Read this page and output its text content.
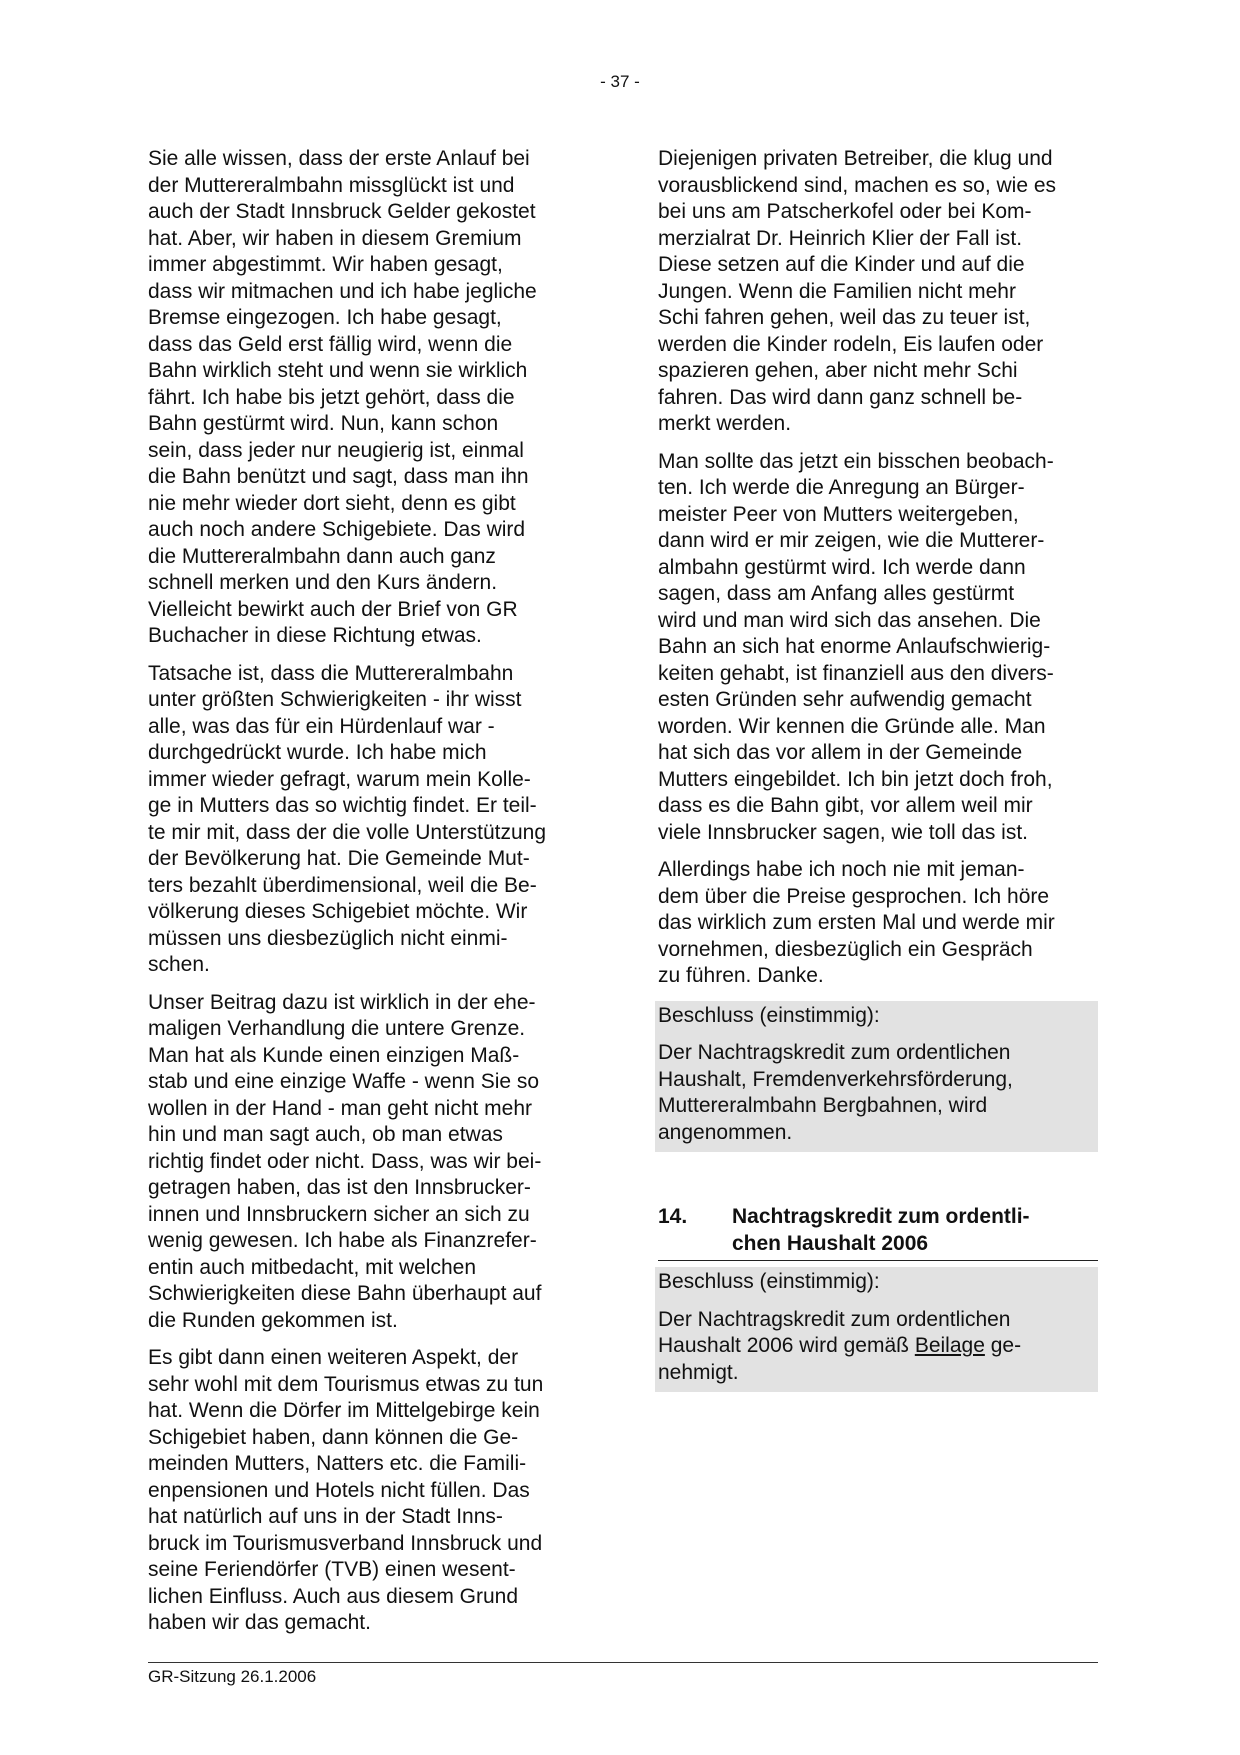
- 37 -

Sie alle wissen, dass der erste Anlauf bei
der Muttereralmbahn missglückt ist und
auch der Stadt Innsbruck Gelder gekostet
hat. Aber, wir haben in diesem Gremium
immer abgestimmt. Wir haben gesagt,
dass wir mitmachen und ich habe jegliche
Bremse eingezogen. Ich habe gesagt,
dass das Geld erst fällig wird, wenn die
Bahn wirklich steht und wenn sie wirklich
fährt. Ich habe bis jetzt gehört, dass die
Bahn gestürmt wird. Nun, kann schon
sein, dass jeder nur neugierig ist, einmal
die Bahn benützt und sagt, dass man ihn
nie mehr wieder dort sieht, denn es gibt
auch noch andere Schigebiete. Das wird
die Muttereralmbahn dann auch ganz
schnell merken und den Kurs ändern.
Vielleicht bewirkt auch der Brief von GR
Buchacher in diese Richtung etwas.

Tatsache ist, dass die Muttereralmbahn
unter größten Schwierigkeiten - ihr wisst
alle, was das für ein Hürdenlauf war -
durchgedrückt wurde. Ich habe mich
immer wieder gefragt, warum mein Kolle-
ge in Mutters das so wichtig findet. Er teil-
te mir mit, dass der die volle Unterstützung
der Bevölkerung hat. Die Gemeinde Mut-
ters bezahlt überdimensional, weil die Be-
völkerung dieses Schigebiet möchte. Wir
müssen uns diesbezüglich nicht einmi-
schen.

Unser Beitrag dazu ist wirklich in der ehe-
maligen Verhandlung die untere Grenze.
Man hat als Kunde einen einzigen Maß-
stab und eine einzige Waffe - wenn Sie so
wollen in der Hand - man geht nicht mehr
hin und man sagt auch, ob man etwas
richtig findet oder nicht. Dass, was wir bei-
getragen haben, das ist den Innsbrucker-
innen und Innsbruckern sicher an sich zu
wenig gewesen. Ich habe als Finanzrefer-
entin auch mitbedacht, mit welchen
Schwierigkeiten diese Bahn überhaupt auf
die Runden gekommen ist.

Es gibt dann einen weiteren Aspekt, der
sehr wohl mit dem Tourismus etwas zu tun
hat. Wenn die Dörfer im Mittelgebirge kein
Schigebiet haben, dann können die Ge-
meinden Mutters, Natters etc. die Famili-
enpensionen und Hotels nicht füllen. Das
hat natürlich auf uns in der Stadt Inns-
bruck im Tourismusverband Innsbruck und
seine Feriendörfer (TVB) einen wesent-
lichen Einfluss. Auch aus diesem Grund
haben wir das gemacht.

Diejenigen privaten Betreiber, die klug und
vorausblickend sind, machen es so, wie es
bei uns am Patscherkofel oder bei Kom-
merzialrat Dr. Heinrich Klier der Fall ist.
Diese setzen auf die Kinder und auf die
Jungen. Wenn die Familien nicht mehr
Schi fahren gehen, weil das zu teuer ist,
werden die Kinder rodeln, Eis laufen oder
spazieren gehen, aber nicht mehr Schi
fahren. Das wird dann ganz schnell be-
merkt werden.

Man sollte das jetzt ein bisschen beobach-
ten. Ich werde die Anregung an Bürger-
meister Peer von Mutters weitergeben,
dann wird er mir zeigen, wie die Mutterer-
almbahn gestürmt wird. Ich werde dann
sagen, dass am Anfang alles gestürmt
wird und man wird sich das ansehen. Die
Bahn an sich hat enorme Anlaufschwierig-
keiten gehabt, ist finanziell aus den divers-
esten Gründen sehr aufwendig gemacht
worden. Wir kennen die Gründe alle. Man
hat sich das vor allem in der Gemeinde
Mutters eingebildet. Ich bin jetzt doch froh,
dass es die Bahn gibt, vor allem weil mir
viele Innsbrucker sagen, wie toll das ist.

Allerdings habe ich noch nie mit jeman-
dem über die Preise gesprochen. Ich höre
das wirklich zum ersten Mal und werde mir
vornehmen, diesbezüglich ein Gespräch
zu führen. Danke.

Beschluss (einstimmig):

Der Nachtragskredit zum ordentlichen
Haushalt, Fremdenverkehrsförderung,
Muttereralmbahn Bergbahnen, wird
angenommen.

14.	Nachtragskredit zum ordentli-
chen Haushalt 2006

Beschluss (einstimmig):

Der Nachtragskredit zum ordentlichen
Haushalt 2006 wird gemäß Beilage ge-
nehmigt.

GR-Sitzung 26.1.2006
